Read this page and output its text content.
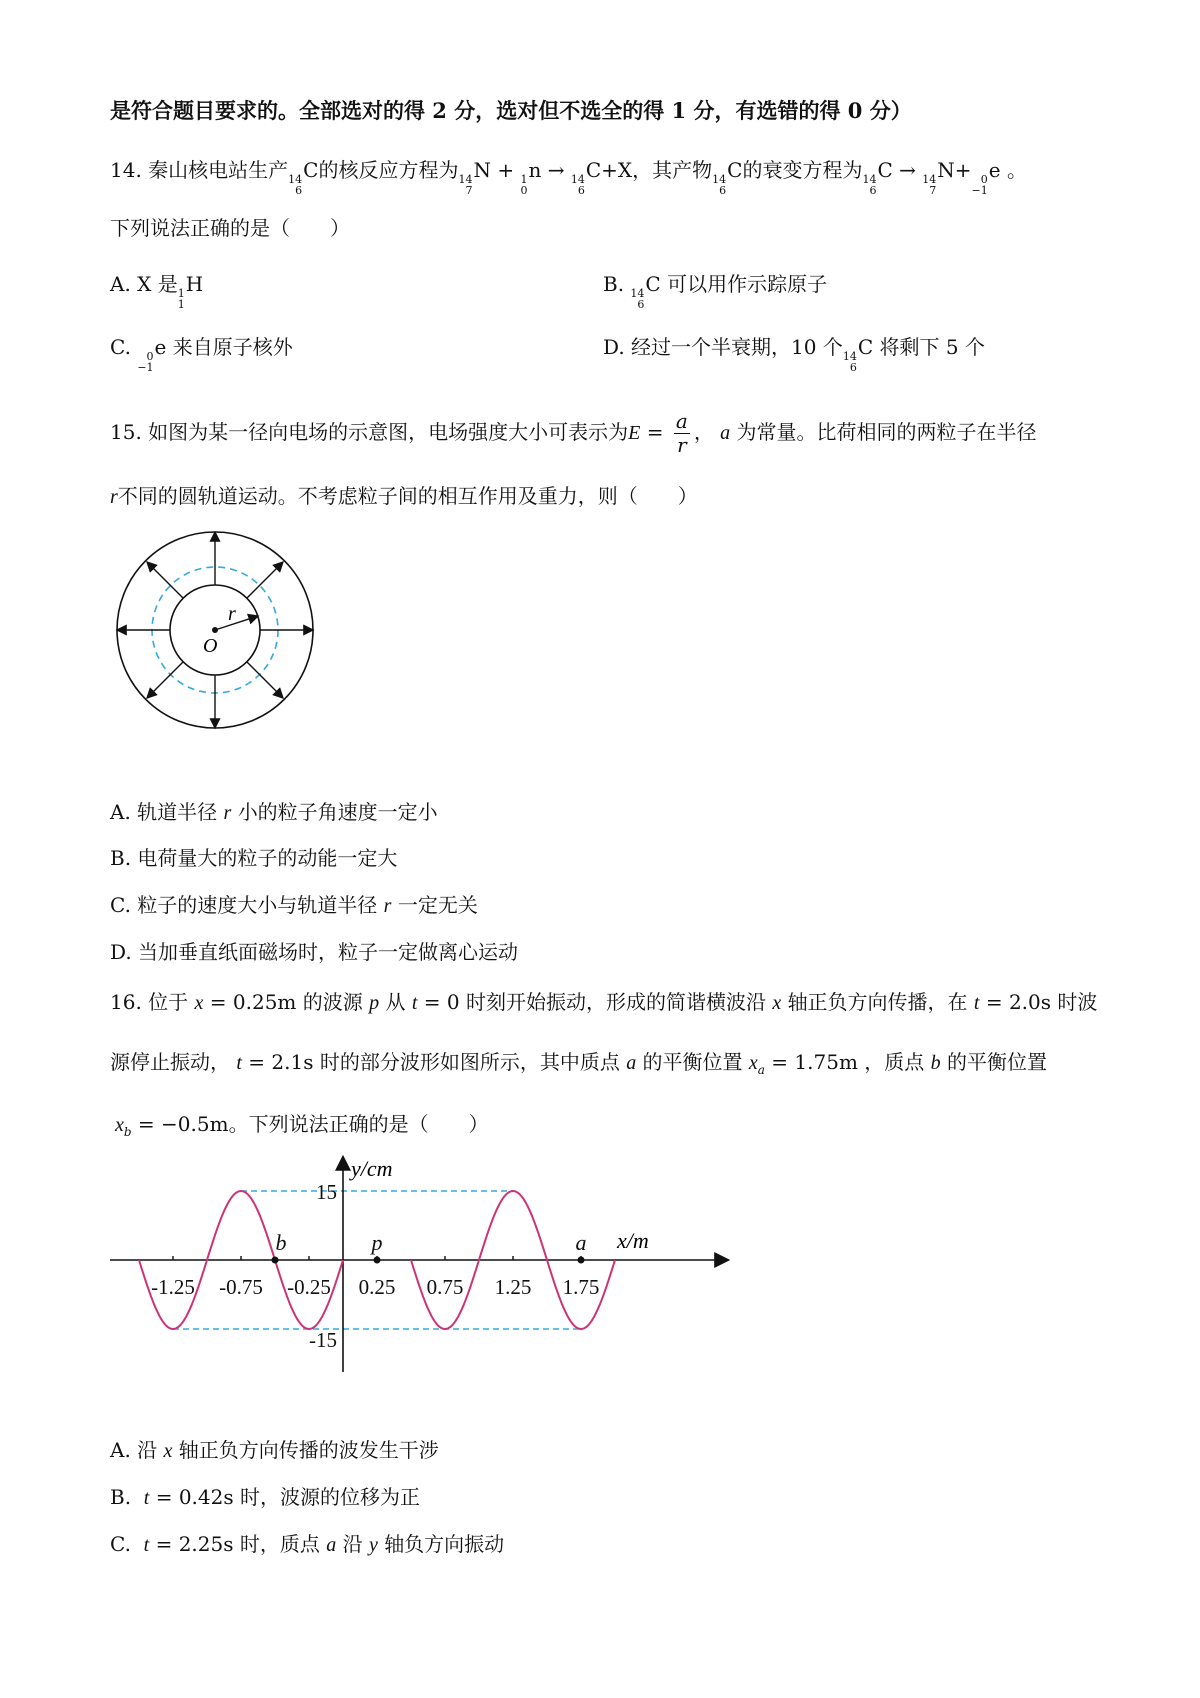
是符合题目要求的。全部选对的得 2 分，选对但不选全的得 1 分，有选错的得 0 分）
14. 秦山核电站生产 14
6
C的核反应方程为 14
7
N + 1
0
n → 14
6
C+X，其产物 14
6
C的衰变方程为 14
6
C → 14
7
N+ 0
−1
e 。
下列说法正确的是（　　）
A. X 是 1
1
H	B. 14
6
C 可以用作示踪原子
C. 0
−1
e 来自原子核外	D. 经过一个半衰期，10 个 14
6
C 将剩下 5 个
15. 如图为某一径向电场的示意图，电场强度大小可表示为$E = \frac{a}{r}$ ， a 为常量。比荷相同的两粒子在半径
r不同的圆轨道运动。不考虑粒子间的相互作用及重力，则（　　）
r
O
A. 轨道半径 r 小的粒子角速度一定小
B. 电荷量大的粒子的动能一定大
C. 粒子的速度大小与轨道半径 r 一定无关
D. 当加垂直纸面磁场时，粒子一定做离心运动
16. 位于 x = 0.25m 的波源 p 从 t = 0 时刻开始振动，形成的简谐横波沿 x 轴正负方向传播，在 t = 2.0s 时波
源停止振动， t = 2.1s 时的部分波形如图所示，其中质点 a 的平衡位置 $x_a = 1.75m$ ，质点 b 的平衡位置
$x_b = -0.5m$。下列说法正确的是（　　）
-1.25 -0.75 -0.25 0.25 0.75 1.25 1.75
15
-15
b	p	a x/m
y/cm
A. 沿 x 轴正负方向传播的波发生干涉
B.  t = 0.42s 时，波源的位移为正
C.  t = 2.25s 时，质点 a 沿 y 轴负方向振动
